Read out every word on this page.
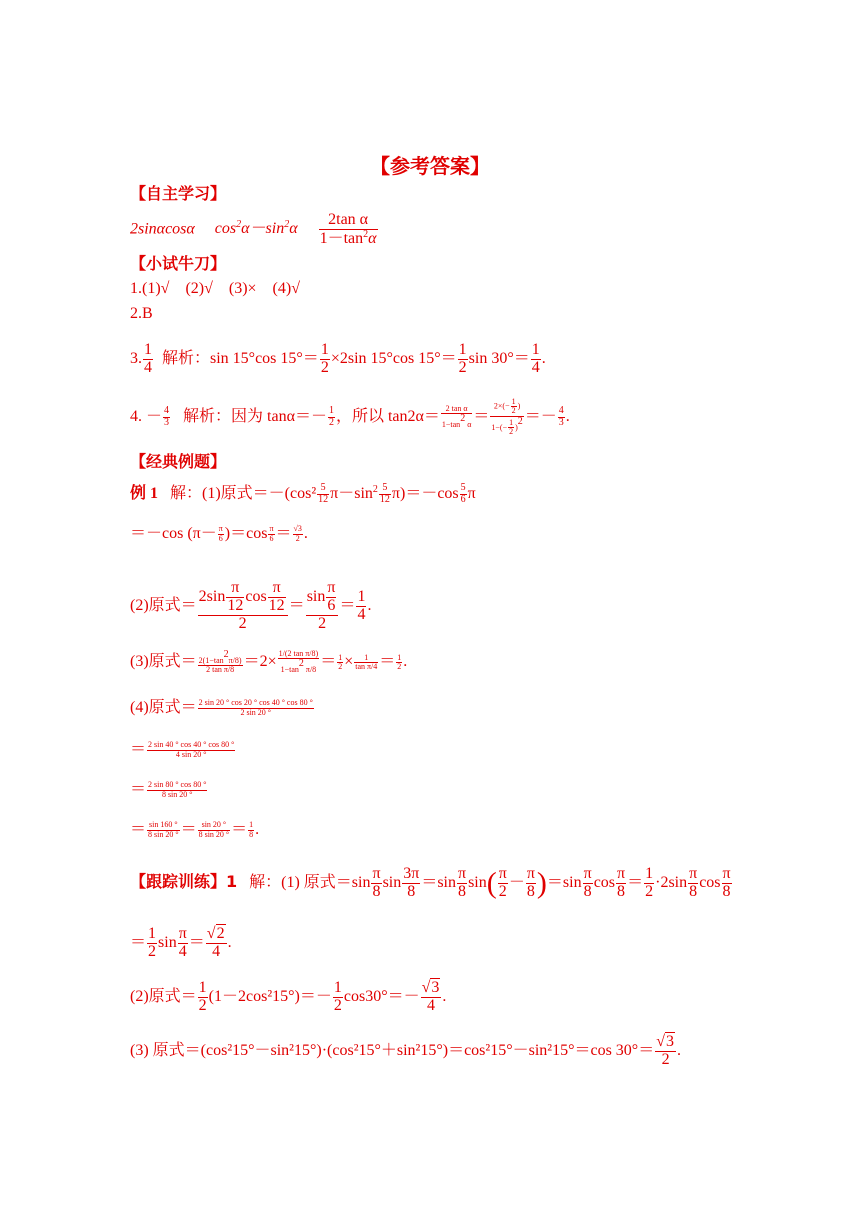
【参考答案】
【自主学习】
2sinαcosα $\cos^2\alpha-\sin^2\alpha \frac{\text{2tan α}}{1-\tan^2\alpha}$
【小试牛刀】
1.(1)√　(2)√　(3)×　(4)√
2.B
3. $\frac{1}{4}$ 解析：sin 15°cos $15^\circ= \frac{1}{2} \times 2\sin$ 15°cos $15^\circ= \frac{1}{2}$ $\sin 30^\circ= \frac{1}{4}$ .
4. － $\frac{4}{3}$ 解析：因为 $\tan\alpha=- \frac{1}{2}$ ，所以 $\tan 2\alpha= \frac{\text{2 tan α}}{1-\tan^2 \alpha} = \frac{2\times(- \frac{1}{2} )}{1-(- \frac{1}{2} )^2} =- \frac{4}{3}$ .
【经典例题】
例 1 解：(1)原式$=-(\cos^2 \frac{5}{12} \pi-\sin^2 \frac{5}{12} \pi)=-\cos \frac{5}{6}$ π
＝－cos $(\pi- \frac{\pi}{6} )=\cos \frac{\pi}{6} = \frac{√3}{2}$ .
(2)原式＝ $\frac{2\sin \frac{\pi}{12} \cos \frac{\pi}{12}}{2} = \frac{\sin \frac{\pi}{6}}{2} = \frac{1}{4}$ .
(3)原式＝ $\frac{2(1-\tan^2\pi/8)}{\text{2 tan π/8}} =2\times \frac{\text{1/(2 tan π/8)}}{1-\tan^2 \pi/8} = \frac{1}{2} \times \frac{1}{\text{tan π/4}} = \frac{1}{2}$ .
(4)原式＝ $\frac{2 \sin 20 ^\circ \cos 20 ^\circ \cos 40 ^\circ \cos 80 ^\circ}{2 \sin 20 ^\circ}$
＝ $\frac{2 \sin 40 ^\circ \cos 40 ^\circ \cos 80 ^\circ}{4 \sin 20 ^\circ}$
＝ $\frac{2 \sin 80 ^\circ \cos 80 ^\circ}{8 \sin 20 ^\circ}$
＝ $\frac{\sin 160 ^\circ}{8 \sin 20 ^\circ} = \frac{\sin 20 ^\circ}{8 \sin 20 ^\circ} = \frac{1}{8}$ .
【跟踪训练】1 解：(1) 原式$=\sin \frac{\pi}{8}$ $\sin \frac{3\pi}{8} =\sin \frac{\pi}{8} \sin( \frac{\pi}{2} - \frac{\pi}{8} )=\sin \frac{\pi}{8}$ $\cos \frac{\pi}{8} = \frac{1}{2} \cdot 2\sin \frac{\pi}{8}$ $\cos \frac{\pi}{8}$
＝ $\frac{1}{2}$ $\sin \frac{\pi}{4} = \frac{√2}{4}$ .
(2)原式＝ $\frac{1}{2} (1-2\cos^215^\circ)=- \frac{1}{2} \cos 30^\circ=- \frac{√3}{4}$ .
(3) 原式＝(cos²15°－sin²15°)·(cos²15°＋sin²15°)＝cos²15°－sin²15°＝cos $30^\circ= \frac{√3}{2}$ .
